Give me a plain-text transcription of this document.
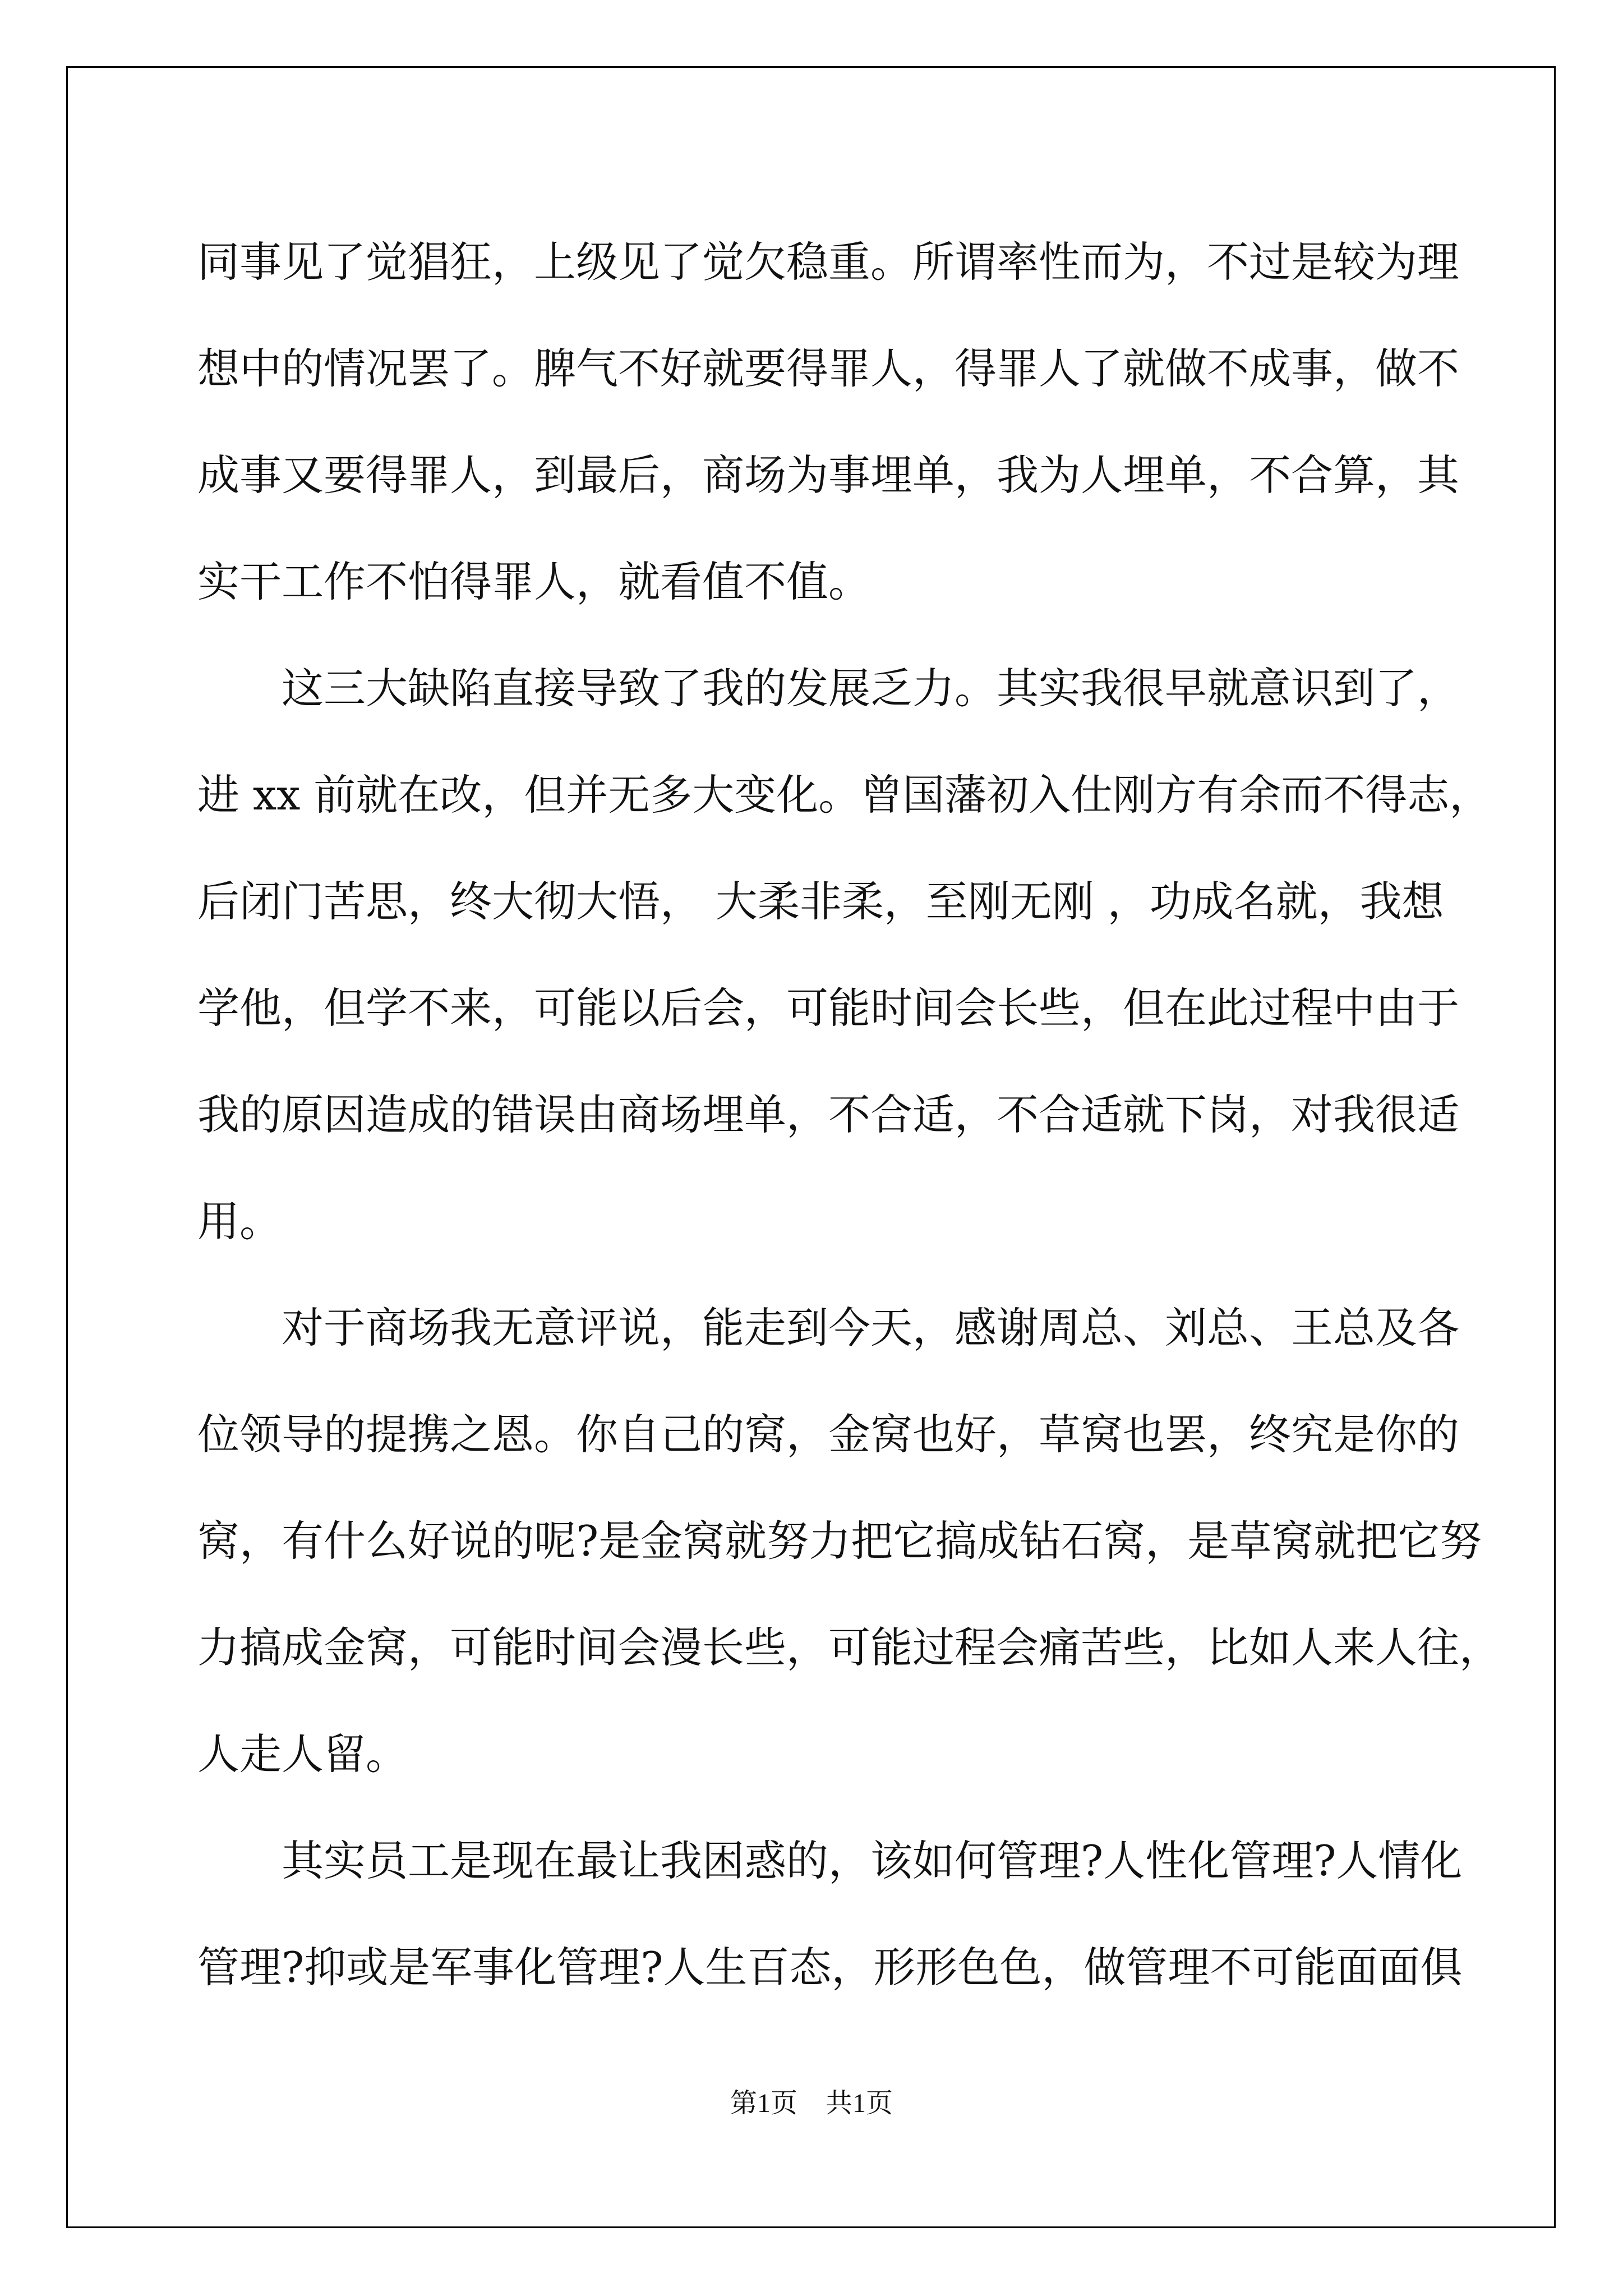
同事见了觉猖狂，上级见了觉欠稳重。所谓率性而为，不过是较为理
想中的情况罢了。脾气不好就要得罪人，得罪人了就做不成事，做不
成事又要得罪人，到最后，商场为事埋单，我为人埋单，不合算，其
实干工作不怕得罪人，就看值不值。
这三大缺陷直接导致了我的发展乏力。其实我很早就意识到了，
进 xx 前就在改，但并无多大变化。曾国藩初入仕刚方有余而不得志，
后闭门苦思，终大彻大悟， 大柔非柔，至刚无刚 ，功成名就，我想
学他，但学不来，可能以后会，可能时间会长些，但在此过程中由于
我的原因造成的错误由商场埋单，不合适，不合适就下岗，对我很适
用。
对于商场我无意评说，能走到今天，感谢周总、刘总、王总及各
位领导的提携之恩。你自己的窝，金窝也好，草窝也罢，终究是你的
窝，有什么好说的呢?是金窝就努力把它搞成钻石窝，是草窝就把它努
力搞成金窝，可能时间会漫长些，可能过程会痛苦些，比如人来人往，
人走人留。
其实员工是现在最让我困惑的，该如何管理?人性化管理?人情化
管理?抑或是军事化管理?人生百态，形形色色，做管理不可能面面俱
第1页 共1页
